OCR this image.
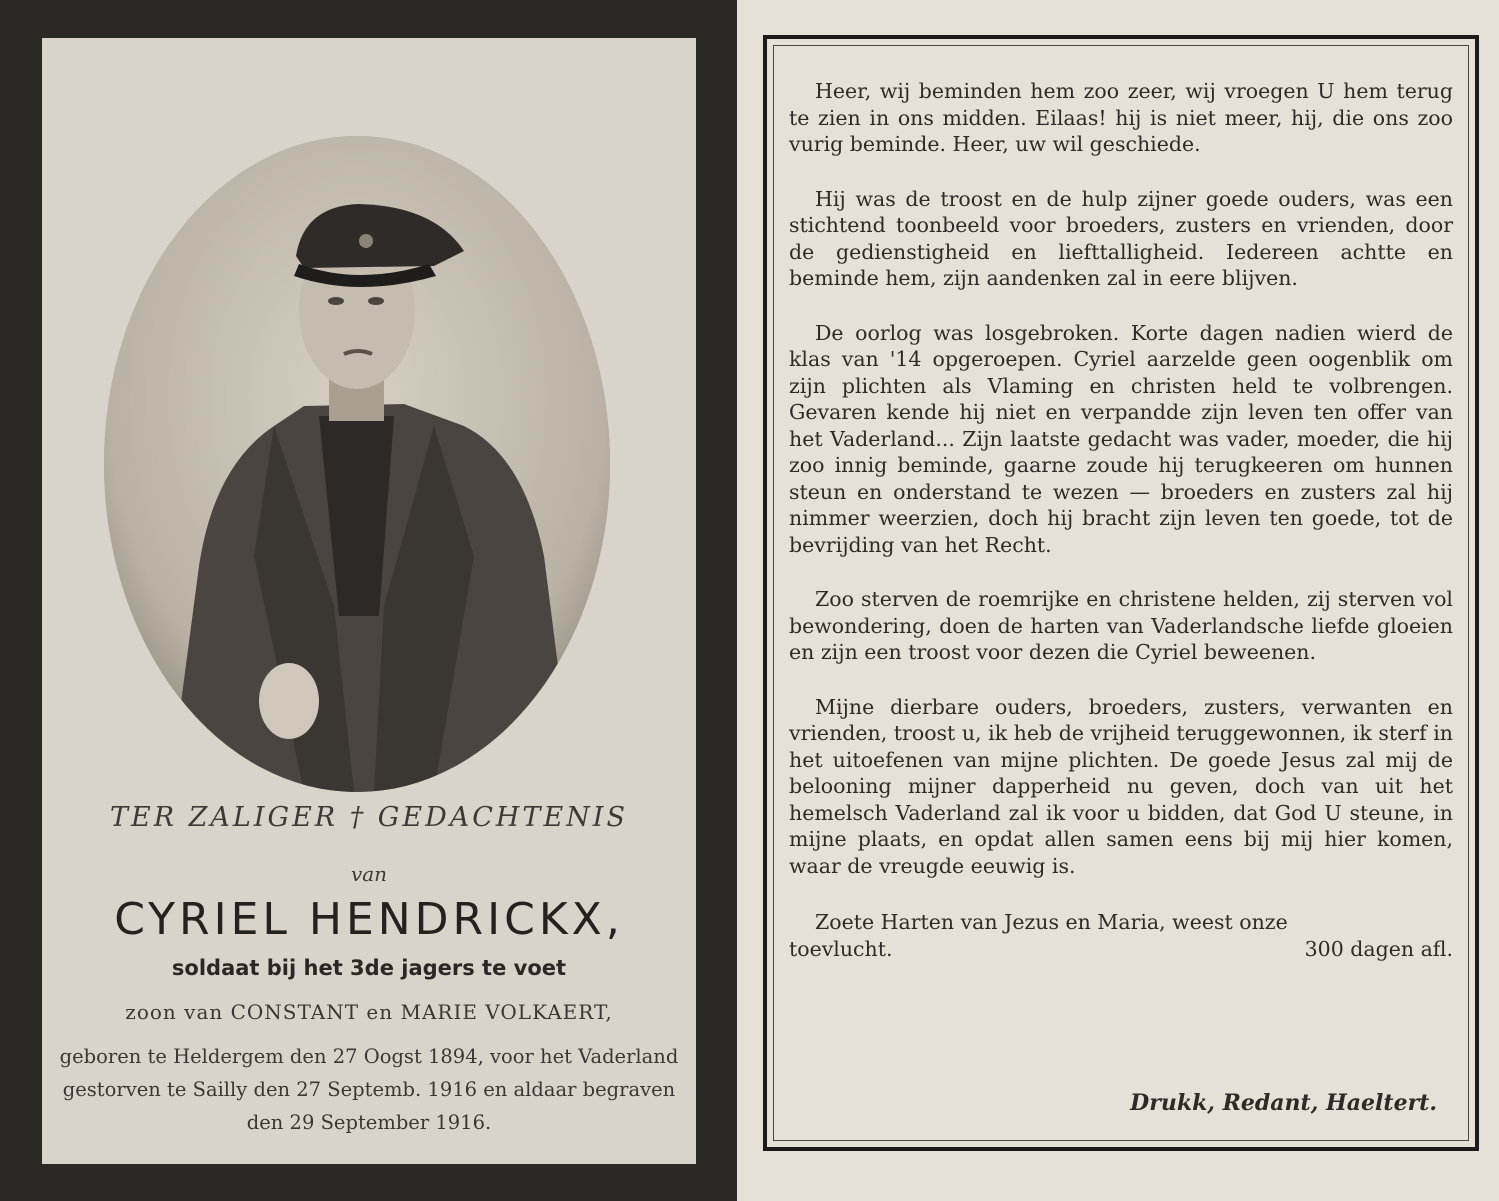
TER ZALIGER † GEDACHTENIS
van
CYRIEL HENDRICKX,
soldaat bij het 3de jagers te voet
zoon van CONSTANT en MARIE VOLKAERT,
geboren te Heldergem den 27 Oogst 1894, voor het Vaderland gestorven te Sailly den 27 Septemb. 1916 en aldaar begraven den 29 September 1916.

Heer, wij beminden hem zoo zeer, wij vroegen U hem terug te zien in ons midden. Eilaas! hij is niet meer, hij, die ons zoo vurig beminde. Heer, uw wil geschiede.

Hij was de troost en de hulp zijner goede ouders, was een stichtend toonbeeld voor broeders, zusters en vrienden, door de gedienstigheid en liefttalligheid. Iedereen achtte en beminde hem, zijn aandenken zal in eere blijven.

De oorlog was losgebroken. Korte dagen nadien wierd de klas van '14 opgeroepen. Cyriel aarzelde geen oogenblik om zijn plichten als Vlaming en christen held te volbrengen. Gevaren kende hij niet en verpandde zijn leven ten offer van het Vaderland... Zijn laatste gedacht was vader, moeder, die hij zoo innig beminde, gaarne zoude hij terugkeeren om hunnen steun en onderstand te wezen — broeders en zusters zal hij nimmer weerzien, doch hij bracht zijn leven ten goede, tot de bevrijding van het Recht.

Zoo sterven de roemrijke en christene helden, zij sterven vol bewondering, doen de harten van Vaderlandsche liefde gloeien en zijn een troost voor dezen die Cyriel beweenen.

Mijne dierbare ouders, broeders, zusters, verwanten en vrienden, troost u, ik heb de vrijheid teruggewonnen, ik sterf in het uitoefenen van mijne plichten. De goede Jesus zal mij de belooning mijner dapperheid nu geven, doch van uit het hemelsch Vaderland zal ik voor u bidden, dat God U steune, in mijne plaats, en opdat allen samen eens bij mij hier komen, waar de vreugde eeuwig is.

Zoete Harten van Jezus en Maria, weest onze
toevlucht.	300 dagen afl.
Drukk, Redant, Haeltert.
